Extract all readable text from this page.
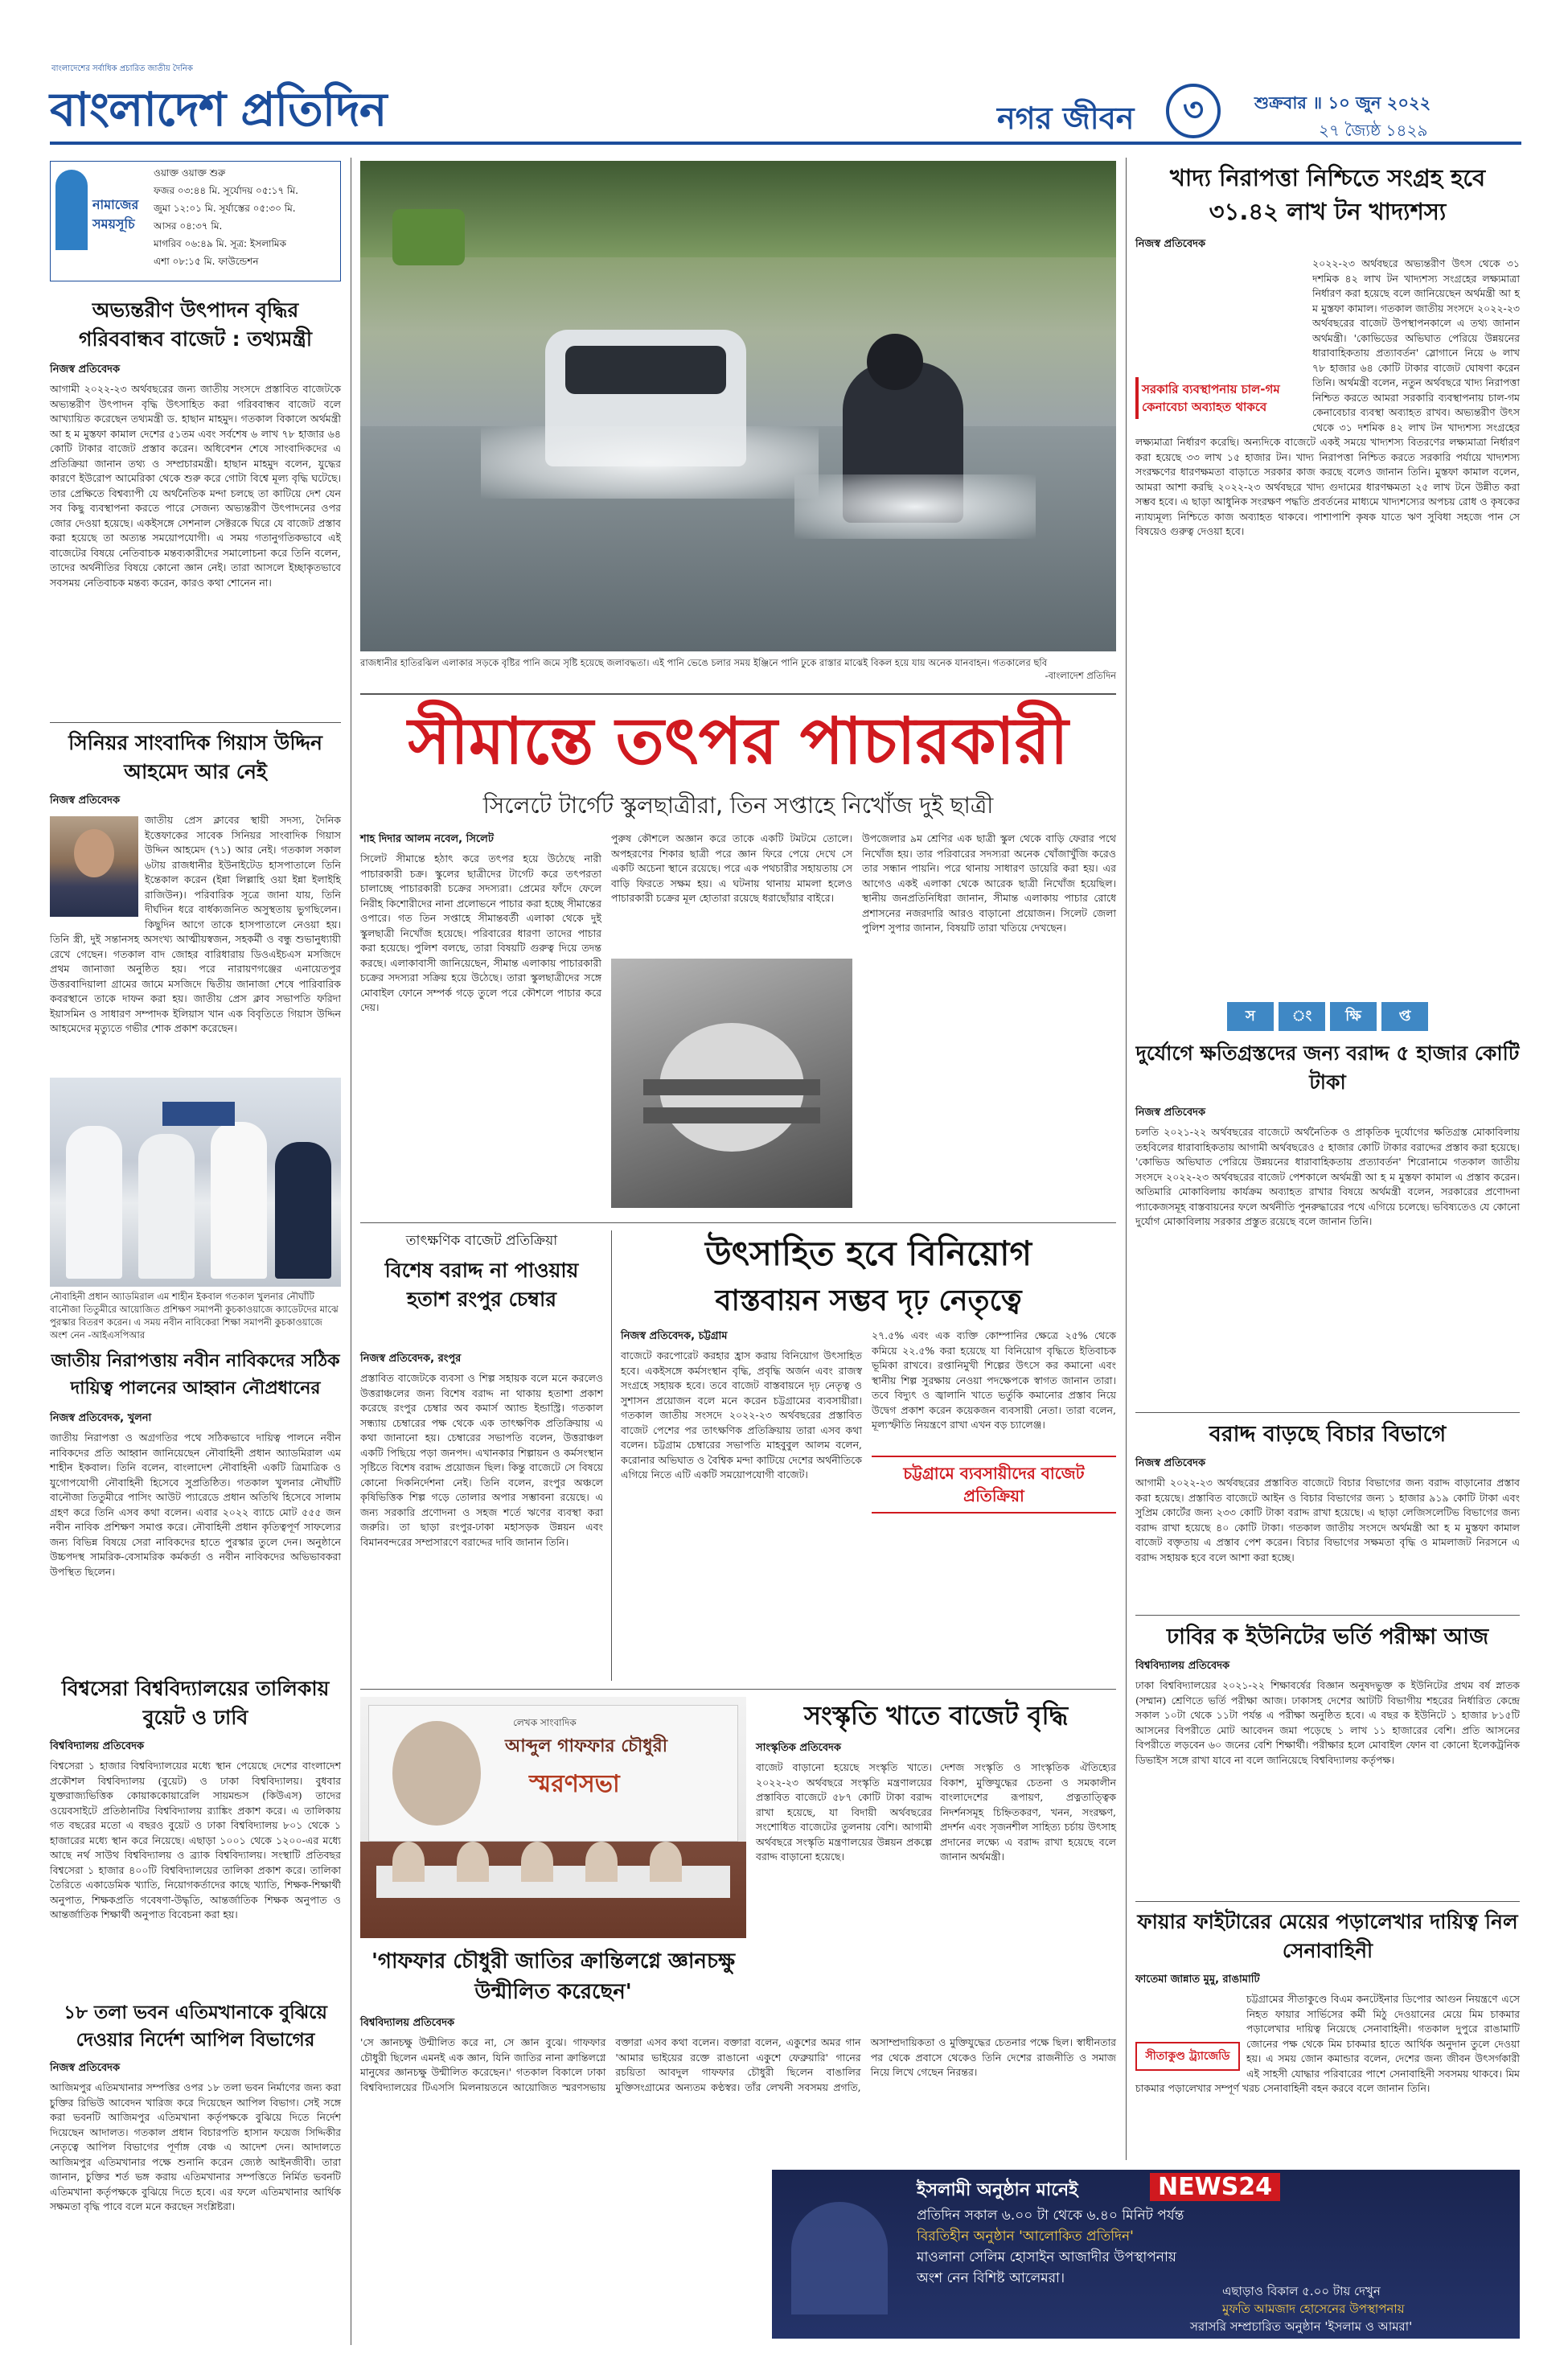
বাংলাদেশের সর্বাধিক প্রচারিত জাতীয় দৈনিক
বাংলাদেশ প্রতিদিন	নগর জীবন	৩	শুক্রবার ॥ ১০ জুন ২০২২
২৭ জ্যৈষ্ঠ ১৪২৯
নামাজের সময়সূচি
ওয়াক্ত ওয়াক্ত শুরু
ফজর ০৩:৪৪ মি. সূর্যোদয় ০৫:১৭ মি.
জুমা ১২:০১ মি. সূর্যাস্তের ০৫:৩০ মি.
আসর ০৪:৩৭ মি.
মাগরিব ০৬:৪৯ মি. সূত্র: ইসলামিক
এশা ০৮:১৫ মি. ফাউন্ডেশন
অভ্যন্তরীণ উৎপাদন বৃদ্ধির গরিববান্ধব বাজেট : তথ্যমন্ত্রী
নিজস্ব প্রতিবেদক
আগামী ২০২২-২৩ অর্থবছরের জন্য জাতীয় সংসদে প্রস্তাবিত বাজেটকে অভ্যন্তরীণ উৎপাদন বৃদ্ধি উৎসাহিত করা গরিববান্ধব বাজেট বলে আখ্যায়িত করেছেন তথ্যমন্ত্রী ড. হাছান মাহমুদ। গতকাল বিকালে অর্থমন্ত্রী আ হ ম মুস্তফা কামাল দেশের ৫১তম এবং সর্বশেষ ৬ লাখ ৭৮ হাজার ৬৪ কোটি টাকার বাজেট প্রস্তাব করেন। অধিবেশন শেষে সাংবাদিকদের এ প্রতিক্রিয়া জানান তথ্য ও সম্প্রচারমন্ত্রী। হাছান মাহমুদ বলেন, যুদ্ধের কারণে ইউরোপ আমেরিকা থেকে শুরু করে গোটা বিশ্বে মূল্য বৃদ্ধি ঘটেছে। তার প্রেক্ষিতে বিশ্বব্যাপী যে অর্থনৈতিক মন্দা চলছে তা কাটিয়ে দেশ যেন সব কিছু ব্যবস্থাপনা করতে পারে সেজন্য অভ্যন্তরীণ উৎপাদনের ওপর জোর দেওয়া হয়েছে। একইসঙ্গে সেশনাল সেক্টরকে ঘিরে যে বাজেট প্রস্তাব করা হয়েছে তা অত্যন্ত সময়োপযোগী। এ সময় গতানুগতিকভাবে এই বাজেটের বিষয়ে নেতিবাচক মন্তব্যকারীদের সমালোচনা করে তিনি বলেন, তাদের অর্থনীতির বিষয়ে কোনো জ্ঞান নেই। তারা আসলে ইচ্ছাকৃতভাবে সবসময় নেতিবাচক মন্তব্য করেন, কারও কথা শোনেন না।
সিনিয়র সাংবাদিক গিয়াস উদ্দিন আহমেদ আর নেই
নিজস্ব প্রতিবেদক
জাতীয় প্রেস ক্লাবের স্থায়ী সদস্য, দৈনিক ইত্তেফাকের সাবেক সিনিয়র সাংবাদিক গিয়াস উদ্দিন আহমেদ (৭১) আর নেই। গতকাল সকাল ৬টায় রাজধানীর ইউনাইটেড হাসপাতালে তিনি ইন্তেকাল করেন (ইন্না লিল্লাহি ওয়া ইন্না ইলাইহি রাজিউন)। পরিবারিক সূত্রে জানা যায়, তিনি দীর্ঘদিন ধরে বার্ধক্যজনিত অসুস্থতায় ভুগছিলেন। কিছুদিন আগে তাকে হাসপাতালে নেওয়া হয়। তিনি স্ত্রী, দুই সন্তানসহ অসংখ্য আত্মীয়স্বজন, সহকর্মী ও বন্ধু শুভানুধ্যায়ী রেখে গেছেন। গতকাল বাদ জোহর বারিধারায় ডিওএইচএস মসজিদে প্রথম জানাজা অনুষ্ঠিত হয়। পরে নারায়ণগঞ্জের এনায়েতপুর উত্তরবাদিয়ালা গ্রামের জামে মসজিদে দ্বিতীয় জানাজা শেষে পারিবারিক কবরস্থানে তাকে দাফন করা হয়। জাতীয় প্রেস ক্লাব সভাপতি ফরিদা ইয়াসমিন ও সাধারণ সম্পাদক ইলিয়াস খান এক বিবৃতিতে গিয়াস উদ্দিন আহমেদের মৃত্যুতে গভীর শোক প্রকাশ করেছেন।
নৌবাহিনী প্রধান অ্যাডমিরাল এম শাহীন ইকবাল গতকাল খুলনার নৌঘাঁটি বানৌজা তিতুমীরে আয়োজিত প্রশিক্ষণ সমাপনী কুচকাওয়াজে ক্যাডেটদের মাঝে পুরস্কার বিতরণ করেন। এ সময় নবীন নাবিকেরা শিক্ষা সমাপনী কুচকাওয়াজে অংশ নেন -আইএসপিআর
জাতীয় নিরাপত্তায় নবীন নাবিকদের সঠিক দায়িত্ব পালনের আহ্বান নৌপ্রধানের
নিজস্ব প্রতিবেদক, খুলনা
জাতীয় নিরাপত্তা ও অগ্রগতির পথে সঠিকভাবে দায়িত্ব পালনে নবীন নাবিকদের প্রতি আহ্বান জানিয়েছেন নৌবাহিনী প্রধান অ্যাডমিরাল এম শাহীন ইকবাল। তিনি বলেন, বাংলাদেশ নৌবাহিনী একটি ত্রিমাত্রিক ও যুগোপযোগী নৌবাহিনী হিসেবে সুপ্রতিষ্ঠিত। গতকাল খুলনার নৌঘাঁটি বানৌজা তিতুমীরে পাসিং আউট প্যারেডে প্রধান অতিথি হিসেবে সালাম গ্রহণ করে তিনি এসব কথা বলেন। এবার ২০২২ ব্যাচে মোট ৫৫৫ জন নবীন নাবিক প্রশিক্ষণ সমাপ্ত করে। নৌবাহিনী প্রধান কৃতিত্বপূর্ণ সাফল্যের জন্য বিভিন্ন বিষয়ে সেরা নাবিকদের হাতে পুরস্কার তুলে দেন। অনুষ্ঠানে উচ্চপদস্থ সামরিক-বেসামরিক কর্মকর্তা ও নবীন নাবিকদের অভিভাবকরা উপস্থিত ছিলেন।
বিশ্বসেরা বিশ্ববিদ্যালয়ের তালিকায় বুয়েট ও ঢাবি
বিশ্ববিদ্যালয় প্রতিবেদক
বিশ্বসেরা ১ হাজার বিশ্ববিদ্যালয়ের মধ্যে স্থান পেয়েছে দেশের বাংলাদেশ প্রকৌশল বিশ্ববিদ্যালয় (বুয়েট) ও ঢাকা বিশ্ববিদ্যালয়। বুধবার যুক্তরাজ্যভিত্তিক কোয়াককোয়ারেলি সায়মন্ডস (কিউএস) তাদের ওয়েবসাইটে প্রতিষ্ঠানটির বিশ্ববিদ্যালয় র‍্যাঙ্কিং প্রকাশ করে। এ তালিকায় গত বছরের মতো এ বছরও বুয়েট ও ঢাকা বিশ্ববিদ্যালয় ৮০১ থেকে ১ হাজারের মধ্যে স্থান করে নিয়েছে। এছাড়া ১০০১ থেকে ১২০০-এর মধ্যে আছে নর্থ সাউথ বিশ্ববিদ্যালয় ও ব্র্যাক বিশ্ববিদ্যালয়। সংস্থাটি প্রতিবছর বিশ্বসেরা ১ হাজার ৪০০টি বিশ্ববিদ্যালয়ের তালিকা প্রকাশ করে। তালিকা তৈরিতে একাডেমিক খ্যাতি, নিয়োগকর্তাদের কাছে খ্যাতি, শিক্ষক-শিক্ষার্থী অনুপাত, শিক্ষকপ্রতি গবেষণা-উদ্ধৃতি, আন্তর্জাতিক শিক্ষক অনুপাত ও আন্তর্জাতিক শিক্ষার্থী অনুপাত বিবেচনা করা হয়।
১৮ তলা ভবন এতিমখানাকে বুঝিয়ে দেওয়ার নির্দেশ আপিল বিভাগের
নিজস্ব প্রতিবেদক
আজিমপুর এতিমখানার সম্পত্তির ওপর ১৮ তলা ভবন নির্মাণের জন্য করা চুক্তির রিভিউ আবেদন খারিজ করে দিয়েছেন আপিল বিভাগ। সেই সঙ্গে করা ভবনটি আজিমপুর এতিমখানা কর্তৃপক্ষকে বুঝিয়ে দিতে নির্দেশ দিয়েছেন আদালত। গতকাল প্রধান বিচারপতি হাসান ফয়েজ সিদ্দিকীর নেতৃত্বে আপিল বিভাগের পূর্ণাঙ্গ বেঞ্চ এ আদেশ দেন। আদালতে আজিমপুর এতিমখানার পক্ষে শুনানি করেন জ্যেষ্ঠ আইনজীবী। তারা জানান, চুক্তির শর্ত ভঙ্গ করায় এতিমখানার সম্পত্তিতে নির্মিত ভবনটি এতিমখানা কর্তৃপক্ষকে বুঝিয়ে দিতে হবে। এর ফলে এতিমখানার আর্থিক সক্ষমতা বৃদ্ধি পাবে বলে মনে করছেন সংশ্লিষ্টরা।
রাজধানীর হাতিরঝিল এলাকার সড়কে বৃষ্টির পানি জমে সৃষ্টি হয়েছে জলাবদ্ধতা। এই পানি ভেঙে চলার সময় ইঞ্জিনে পানি ঢুকে রাস্তার মাঝেই বিকল হয়ে যায় অনেক যানবাহন। গতকালের ছবি
-বাংলাদেশ প্রতিদিন
সীমান্তে তৎপর পাচারকারী
সিলেটে টার্গেট স্কুলছাত্রীরা, তিন সপ্তাহে নিখোঁজ দুই ছাত্রী
শাহ দিদার আলম নবেল, সিলেট
সিলেট সীমান্তে হঠাৎ করে তৎপর হয়ে উঠেছে নারী পাচারকারী চক্র। স্কুলের ছাত্রীদের টার্গেট করে তৎপরতা চালাচ্ছে পাচারকারী চক্রের সদস্যরা। প্রেমের ফাঁদে ফেলে নিরীহ কিশোরীদের নানা প্রলোভনে পাচার করা হচ্ছে সীমান্তের ওপারে। গত তিন সপ্তাহে সীমান্তবর্তী এলাকা থেকে দুই স্কুলছাত্রী নিখোঁজ হয়েছে। পরিবারের ধারণা তাদের পাচার করা হয়েছে। পুলিশ বলছে, তারা বিষয়টি গুরুত্ব দিয়ে তদন্ত করছে। এলাকাবাসী জানিয়েছেন, সীমান্ত এলাকায় পাচারকারী চক্রের সদস্যরা সক্রিয় হয়ে উঠেছে। তারা স্কুলছাত্রীদের সঙ্গে মোবাইল ফোনে সম্পর্ক গড়ে তুলে পরে কৌশলে পাচার করে দেয়।
পুরুষ কৌশলে অজ্ঞান করে তাকে একটি টমটমে তোলে। অপহরণের শিকার ছাত্রী পরে জ্ঞান ফিরে পেয়ে দেখে সে একটি অচেনা স্থানে রয়েছে। পরে এক পথচারীর সহায়তায় সে বাড়ি ফিরতে সক্ষম হয়। এ ঘটনায় থানায় মামলা হলেও পাচারকারী চক্রের মূল হোতারা রয়েছে ধরাছোঁয়ার বাইরে।
উপজেলার ৯ম শ্রেণির এক ছাত্রী স্কুল থেকে বাড়ি ফেরার পথে নিখোঁজ হয়। তার পরিবারের সদস্যরা অনেক খোঁজাখুঁজি করেও তার সন্ধান পায়নি। পরে থানায় সাধারণ ডায়েরি করা হয়। এর আগেও একই এলাকা থেকে আরেক ছাত্রী নিখোঁজ হয়েছিল। স্থানীয় জনপ্রতিনিধিরা জানান, সীমান্ত এলাকায় পাচার রোধে প্রশাসনের নজরদারি আরও বাড়ানো প্রয়োজন। সিলেট জেলা পুলিশ সুপার জানান, বিষয়টি তারা খতিয়ে দেখছেন।
তাৎক্ষণিক বাজেট প্রতিক্রিয়া
বিশেষ বরাদ্দ না পাওয়ায় হতাশ রংপুর চেম্বার
নিজস্ব প্রতিবেদক, রংপুর
প্রস্তাবিত বাজেটকে ব্যবসা ও শিল্প সহায়ক বলে মনে করলেও উত্তরাঞ্চলের জন্য বিশেষ বরাদ্দ না থাকায় হতাশা প্রকাশ করেছে রংপুর চেম্বার অব কমার্স অ্যান্ড ইন্ডাস্ট্রি। গতকাল সন্ধ্যায় চেম্বারের পক্ষ থেকে এক তাৎক্ষণিক প্রতিক্রিয়ায় এ কথা জানানো হয়। চেম্বারের সভাপতি বলেন, উত্তরাঞ্চল একটি পিছিয়ে পড়া জনপদ। এখানকার শিল্পায়ন ও কর্মসংস্থান সৃষ্টিতে বিশেষ বরাদ্দ প্রয়োজন ছিল। কিন্তু বাজেটে সে বিষয়ে কোনো দিকনির্দেশনা নেই। তিনি বলেন, রংপুর অঞ্চলে কৃষিভিত্তিক শিল্প গড়ে তোলার অপার সম্ভাবনা রয়েছে। এ জন্য সরকারি প্রণোদনা ও সহজ শর্তে ঋণের ব্যবস্থা করা জরুরি। তা ছাড়া রংপুর-ঢাকা মহাসড়ক উন্নয়ন এবং বিমানবন্দরের সম্প্রসারণে বরাদ্দের দাবি জানান তিনি।
উৎসাহিত হবে বিনিয়োগ
বাস্তবায়ন সম্ভব দৃঢ় নেতৃত্বে
নিজস্ব প্রতিবেদক, চট্টগ্রাম
বাজেটে করপোরেট করহার হ্রাস করায় বিনিয়োগ উৎসাহিত হবে। একইসঙ্গে কর্মসংস্থান বৃদ্ধি, প্রবৃদ্ধি অর্জন এবং রাজস্ব সংগ্রহে সহায়ক হবে। তবে বাজেট বাস্তবায়নে দৃঢ় নেতৃত্ব ও সুশাসন প্রয়োজন বলে মনে করেন চট্টগ্রামের ব্যবসায়ীরা। গতকাল জাতীয় সংসদে ২০২২-২৩ অর্থবছরের প্রস্তাবিত বাজেট পেশের পর তাৎক্ষণিক প্রতিক্রিয়ায় তারা এসব কথা বলেন। চট্টগ্রাম চেম্বারের সভাপতি মাহবুবুল আলম বলেন, করোনার অভিঘাত ও বৈশ্বিক মন্দা কাটিয়ে দেশের অর্থনীতিকে এগিয়ে নিতে এটি একটি সময়োপযোগী বাজেট।
২৭.৫% এবং এক ব্যক্তি কোম্পানির ক্ষেত্রে ২৫% থেকে কমিয়ে ২২.৫% করা হয়েছে যা বিনিয়োগ বৃদ্ধিতে ইতিবাচক ভূমিকা রাখবে। রপ্তানিমুখী শিল্পের উৎসে কর কমানো এবং স্থানীয় শিল্প সুরক্ষায় নেওয়া পদক্ষেপকে স্বাগত জানান তারা। তবে বিদ্যুৎ ও জ্বালানি খাতে ভর্তুকি কমানোর প্রস্তাব নিয়ে উদ্বেগ প্রকাশ করেন কয়েকজন ব্যবসায়ী নেতা। তারা বলেন, মূল্যস্ফীতি নিয়ন্ত্রণে রাখা এখন বড় চ্যালেঞ্জ।
চট্টগ্রামে ব্যবসায়ীদের বাজেট প্রতিক্রিয়া
লেখক সাংবাদিক
আব্দুল গাফফার চৌধুরী
স্মরণসভা
'গাফফার চৌধুরী জাতির ক্রান্তিলগ্নে জ্ঞানচক্ষু উন্মীলিত করেছেন'
বিশ্ববিদ্যালয় প্রতিবেদক
'সে জ্ঞানচক্ষু উন্মীলিত করে না, সে জ্ঞান বুঝে। গাফফার চৌধুরী ছিলেন এমনই এক জ্ঞান, যিনি জাতির নানা ক্রান্তিলগ্নে মানুষের জ্ঞানচক্ষু উন্মীলিত করেছেন।' গতকাল বিকালে ঢাকা বিশ্ববিদ্যালয়ের টিএসসি মিলনায়তনে আয়োজিত স্মরণসভায় বক্তারা এসব কথা বলেন। বক্তারা বলেন, একুশের অমর গান 'আমার ভাইয়ের রক্তে রাঙানো একুশে ফেব্রুয়ারি' গানের রচয়িতা আবদুল গাফফার চৌধুরী ছিলেন বাঙালির মুক্তিসংগ্রামের অন্যতম কণ্ঠস্বর। তাঁর লেখনী সবসময় প্রগতি, অসাম্প্রদায়িকতা ও মুক্তিযুদ্ধের চেতনার পক্ষে ছিল। স্বাধীনতার পর থেকে প্রবাসে থেকেও তিনি দেশের রাজনীতি ও সমাজ নিয়ে লিখে গেছেন নিরন্তর।
সংস্কৃতি খাতে বাজেট বৃদ্ধি
সাংস্কৃতিক প্রতিবেদক
বাজেট বাড়ানো হয়েছে সংস্কৃতি খাতে। ২০২২-২৩ অর্থবছরে সংস্কৃতি মন্ত্রণালয়ের প্রস্তাবিত বাজেটে ৫৮৭ কোটি টাকা বরাদ্দ রাখা হয়েছে, যা বিদায়ী অর্থবছরের সংশোধিত বাজেটের তুলনায় বেশি। আগামী অর্থবছরে সংস্কৃতি মন্ত্রণালয়ের উন্নয়ন প্রকল্পে বরাদ্দ বাড়ানো হয়েছে।
দেশজ সংস্কৃতি ও সাংস্কৃতিক ঐতিহ্যের বিকাশ, মুক্তিযুদ্ধের চেতনা ও সমকালীন বাংলাদেশের রূপায়ণ, প্রত্নতাত্ত্বিক নিদর্শনসমূহ চিহ্নিতকরণ, খনন, সংরক্ষণ, প্রদর্শন এবং সৃজনশীল সাহিত্য চর্চায় উৎসাহ প্রদানের লক্ষ্যে এ বরাদ্দ রাখা হয়েছে বলে জানান অর্থমন্ত্রী।
ইসলামী অনুষ্ঠান মানেই	NEWS24
প্রতিদিন সকাল ৬.০০ টা থেকে ৬.৪০ মিনিট পর্যন্ত
বিরতিহীন অনুষ্ঠান 'আলোকিত প্রতিদিন'
মাওলানা সেলিম হোসাইন আজাদীর উপস্থাপনায়
অংশ নেন বিশিষ্ট আলেমরা।
এছাড়াও বিকাল ৫.০০ টায় দেখুন
মুফতি আমজাদ হোসেনের উপস্থাপনায়
সরাসরি সম্প্রচারিত অনুষ্ঠান 'ইসলাম ও আমরা'
খাদ্য নিরাপত্তা নিশ্চিতে সংগ্রহ হবে ৩১.৪২ লাখ টন খাদ্যশস্য
নিজস্ব প্রতিবেদক
সরকারি ব্যবস্থাপনায় চাল-গম কেনাবেচা অব্যাহত থাকবে
২০২২-২৩ অর্থবছরে অভ্যন্তরীণ উৎস থেকে ৩১ দশমিক ৪২ লাখ টন খাদ্যশস্য সংগ্রহের লক্ষ্যমাত্রা নির্ধারণ করা হয়েছে বলে জানিয়েছেন অর্থমন্ত্রী আ হ ম মুস্তফা কামাল। গতকাল জাতীয় সংসদে ২০২২-২৩ অর্থবছরের বাজেট উপস্থাপনকালে এ তথ্য জানান অর্থমন্ত্রী। 'কোভিডের অভিঘাত পেরিয়ে উন্নয়নের ধারাবাহিকতায় প্রত্যাবর্তন' স্লোগানে নিয়ে ৬ লাখ ৭৮ হাজার ৬৪ কোটি টাকার বাজেট ঘোষণা করেন তিনি। অর্থমন্ত্রী বলেন, নতুন অর্থবছরে খাদ্য নিরাপত্তা নিশ্চিত করতে আমরা সরকারি ব্যবস্থাপনায় চাল-গম কেনাবেচার ব্যবস্থা অব্যাহত রাখব। অভ্যন্তরীণ উৎস থেকে ৩১ দশমিক ৪২ লাখ টন খাদ্যশস্য সংগ্রহের লক্ষ্যমাত্রা নির্ধারণ করেছি। অন্যদিকে বাজেটে একই সময়ে খাদ্যশস্য বিতরণের লক্ষ্যমাত্রা নির্ধারণ করা হয়েছে ৩৩ লাখ ১৫ হাজার টন। খাদ্য নিরাপত্তা নিশ্চিত করতে সরকারি পর্যায়ে খাদ্যশস্য সংরক্ষণের ধারণক্ষমতা বাড়াতে সরকার কাজ করছে বলেও জানান তিনি। মুস্তফা কামাল বলেন, আমরা আশা করছি ২০২২-২৩ অর্থবছরে খাদ্য গুদামের ধারণক্ষমতা ২৫ লাখ টনে উন্নীত করা সম্ভব হবে। এ ছাড়া আধুনিক সংরক্ষণ পদ্ধতি প্রবর্তনের মাধ্যমে খাদ্যশস্যের অপচয় রোধ ও কৃষকের ন্যায্যমূল্য নিশ্চিতে কাজ অব্যাহত থাকবে। পাশাপাশি কৃষক যাতে ঋণ সুবিধা সহজে পান সে বিষয়েও গুরুত্ব দেওয়া হবে।
স	ং	ক্ষি	প্ত
দুর্যোগে ক্ষতিগ্রস্তদের জন্য বরাদ্দ ৫ হাজার কোটি টাকা
নিজস্ব প্রতিবেদক
চলতি ২০২১-২২ অর্থবছরের বাজেটে অর্থনৈতিক ও প্রাকৃতিক দুর্যোগের ক্ষতিগ্রস্ত মোকাবিলায় তহবিলের ধারাবাহিকতায় আগামী অর্থবছরেও ৫ হাজার কোটি টাকার বরাদ্দের প্রস্তাব করা হয়েছে। 'কোভিড অভিঘাত পেরিয়ে উন্নয়নের ধারাবাহিকতায় প্রত্যাবর্তন' শিরোনামে গতকাল জাতীয় সংসদে ২০২২-২৩ অর্থবছরের বাজেট পেশকালে অর্থমন্ত্রী আ হ ম মুস্তফা কামাল এ প্রস্তাব করেন। অতিমারি মোকাবিলায় কার্যক্রম অব্যাহত রাখার বিষয়ে অর্থমন্ত্রী বলেন, সরকারের প্রণোদনা প্যাকেজসমূহ বাস্তবায়নের ফলে অর্থনীতি পুনরুদ্ধারের পথে এগিয়ে চলেছে। ভবিষ্যতেও যে কোনো দুর্যোগ মোকাবিলায় সরকার প্রস্তুত রয়েছে বলে জানান তিনি।
বরাদ্দ বাড়ছে বিচার বিভাগে
নিজস্ব প্রতিবেদক
আগামী ২০২২-২৩ অর্থবছরের প্রস্তাবিত বাজেটে বিচার বিভাগের জন্য বরাদ্দ বাড়ানোর প্রস্তাব করা হয়েছে। প্রস্তাবিত বাজেটে আইন ও বিচার বিভাগের জন্য ১ হাজার ৯১৯ কোটি টাকা এবং সুপ্রিম কোর্টের জন্য ২৩৩ কোটি টাকা বরাদ্দ রাখা হয়েছে। এ ছাড়া লেজিসলেটিভ বিভাগের জন্য বরাদ্দ রাখা হয়েছে ৪০ কোটি টাকা। গতকাল জাতীয় সংসদে অর্থমন্ত্রী আ হ ম মুস্তফা কামাল বাজেট বক্তৃতায় এ প্রস্তাব পেশ করেন। বিচার বিভাগের সক্ষমতা বৃদ্ধি ও মামলাজট নিরসনে এ বরাদ্দ সহায়ক হবে বলে আশা করা হচ্ছে।
ঢাবির ক ইউনিটের ভর্তি পরীক্ষা আজ
বিশ্ববিদ্যালয় প্রতিবেদক
ঢাকা বিশ্ববিদ্যালয়ের ২০২১-২২ শিক্ষাবর্ষের বিজ্ঞান অনুষদভুক্ত ক ইউনিটের প্রথম বর্ষ স্নাতক (সম্মান) শ্রেণিতে ভর্তি পরীক্ষা আজ। ঢাকাসহ দেশের আটটি বিভাগীয় শহরের নির্ধারিত কেন্দ্রে সকাল ১০টা থেকে ১১টা পর্যন্ত এ পরীক্ষা অনুষ্ঠিত হবে। এ বছর ক ইউনিটে ১ হাজার ৮১৫টি আসনের বিপরীতে মোট আবেদন জমা পড়েছে ১ লাখ ১১ হাজারের বেশি। প্রতি আসনের বিপরীতে লড়বেন ৬০ জনের বেশি শিক্ষার্থী। পরীক্ষার হলে মোবাইল ফোন বা কোনো ইলেকট্রনিক ডিভাইস সঙ্গে রাখা যাবে না বলে জানিয়েছে বিশ্ববিদ্যালয় কর্তৃপক্ষ।
ফায়ার ফাইটারের মেয়ের পড়ালেখার দায়িত্ব নিল সেনাবাহিনী
ফাতেমা জান্নাত মুমু, রাঙামাটি
সীতাকুণ্ড ট্র্যাজেডি
চট্টগ্রামের সীতাকুণ্ডে বিএম কনটেইনার ডিপোর আগুন নিয়ন্ত্রণে এসে নিহত ফায়ার সার্ভিসের কর্মী মিঠু দেওয়ানের মেয়ে মিম চাকমার পড়ালেখার দায়িত্ব নিয়েছে সেনাবাহিনী। গতকাল দুপুরে রাঙামাটি জোনের পক্ষ থেকে মিম চাকমার হাতে আর্থিক অনুদান তুলে দেওয়া হয়। এ সময় জোন কমান্ডার বলেন, দেশের জন্য জীবন উৎসর্গকারী এই সাহসী যোদ্ধার পরিবারের পাশে সেনাবাহিনী সবসময় থাকবে। মিম চাকমার পড়ালেখার সম্পূর্ণ খরচ সেনাবাহিনী বহন করবে বলে জানান তিনি।
